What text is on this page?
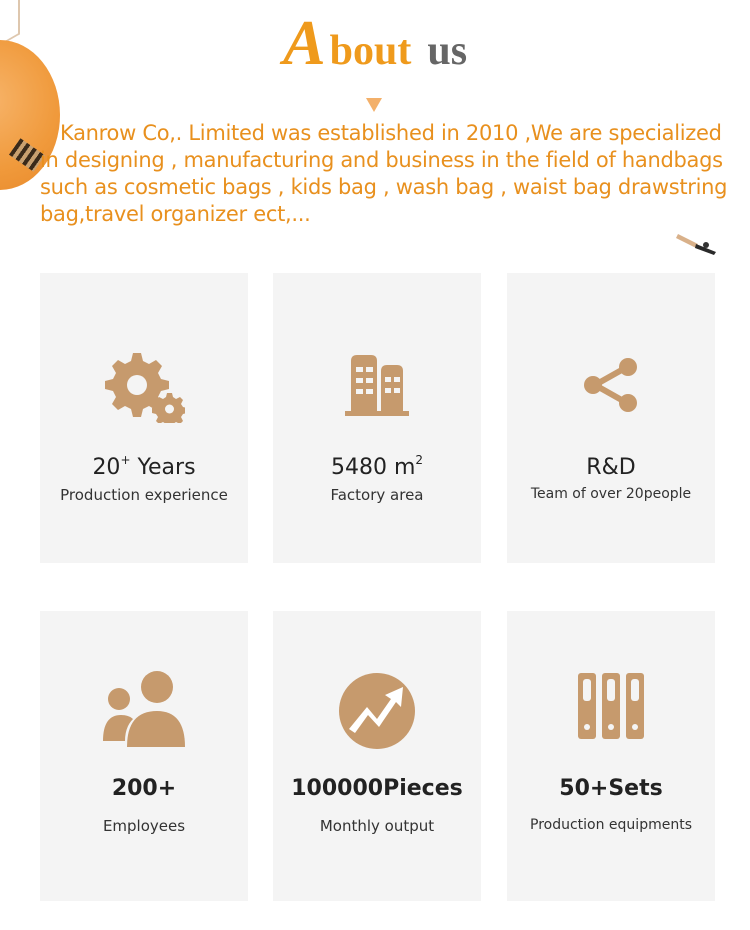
About us
Kanrow Co,. Limited was established in 2010 ,We are specialized
in designing , manufacturing and business in the field of handbags
such as cosmetic bags , kids bag , wash bag , waist bag drawstring
bag,travel organizer ect,...
20+ Years
Production experience
5480 $m^2$
Factory area
R&D
Team of over 20people
200+
Employees
100000Pieces
Monthly output
50+Sets
Production equipments
